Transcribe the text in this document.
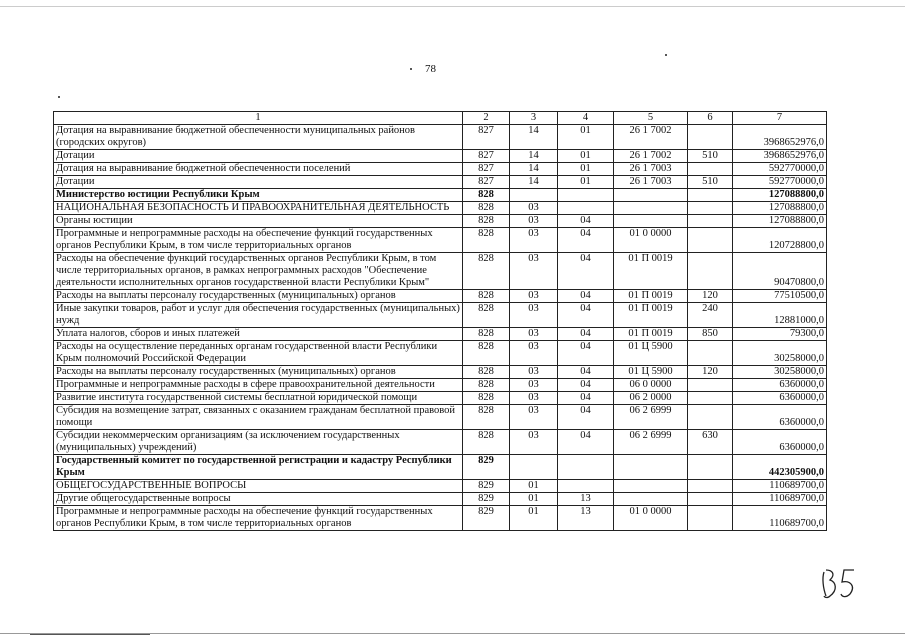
78
1	2	3	4	5	6	7
Дотация на выравнивание бюджетной обеспеченности муниципальных районов (городских округов)	827	14	01	26 1 7002		3968652976,0
Дотации	827	14	01	26 1 7002	510	3968652976,0
Дотация на выравнивание бюджетной обеспеченности поселений	827	14	01	26 1 7003		592770000,0
Дотации	827	14	01	26 1 7003	510	592770000,0
Министерство юстиции Республики Крым	828					127088800,0
НАЦИОНАЛЬНАЯ БЕЗОПАСНОСТЬ И ПРАВООХРАНИТЕЛЬНАЯ ДЕЯТЕЛЬНОСТЬ	828	03				127088800,0
Органы юстиции	828	03	04			127088800,0
Программные и непрограммные расходы на обеспечение функций государственных органов Республики Крым, в том числе территориальных органов	828	03	04	01 0 0000		120728800,0
Расходы на обеспечение функций государственных органов Республики Крым, в том числе территориальных органов, в рамках непрограммных расходов "Обеспечение деятельности исполнительных органов государственной власти Республики Крым"	828	03	04	01 П 0019		90470800,0
Расходы на выплаты персоналу государственных (муниципальных) органов	828	03	04	01 П 0019	120	77510500,0
Иные закупки товаров, работ и услуг для обеспечения государственных (муниципальных) нужд	828	03	04	01 П 0019	240	12881000,0
Уплата налогов, сборов и иных платежей	828	03	04	01 П 0019	850	79300,0
Расходы на осуществление переданных органам государственной власти Республики Крым полномочий Российской Федерации	828	03	04	01 Ц 5900		30258000,0
Расходы на выплаты персоналу государственных (муниципальных) органов	828	03	04	01 Ц 5900	120	30258000,0
Программные и непрограммные расходы в сфере правоохранительной деятельности	828	03	04	06 0 0000		6360000,0
Развитие института государственной системы бесплатной юридической помощи	828	03	04	06 2 0000		6360000,0
Субсидия на возмещение затрат, связанных с оказанием гражданам бесплатной правовой помощи	828	03	04	06 2 6999		6360000,0
Субсидии некоммерческим организациям (за исключением государственных (муниципальных) учреждений)	828	03	04	06 2 6999	630	6360000,0
Государственный комитет по государственной регистрации и кадастру Республики Крым	829					442305900,0
ОБЩЕГОСУДАРСТВЕННЫЕ ВОПРОСЫ	829	01				110689700,0
Другие общегосударственные вопросы	829	01	13			110689700,0
Программные и непрограммные расходы на обеспечение функций государственных органов Республики Крым, в том числе территориальных органов	829	01	13	01 0 0000		110689700,0
